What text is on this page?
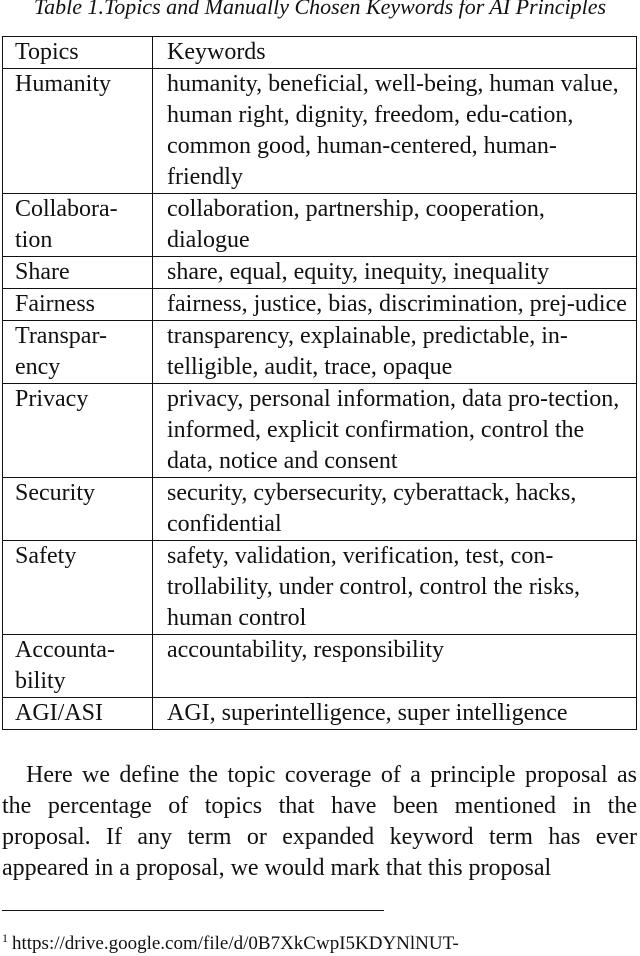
Table 1.Topics and Manually Chosen Keywords for AI Principles
Topics	Keywords
Humanity	humanity, beneficial, well-being, human value, human right, dignity, freedom, edu-cation, common good, human-centered, human-friendly
Collabora-tion	collaboration, partnership, cooperation, dialogue
Share	share, equal, equity, inequity, inequality
Fairness	fairness, justice, bias, discrimination, prej-udice
Transpar-ency	transparency, explainable, predictable, in-telligible, audit, trace, opaque
Privacy	privacy, personal information, data pro-tection, informed, explicit confirmation, control the data, notice and consent
Security	security, cybersecurity, cyberattack, hacks, confidential
Safety	safety, validation, verification, test, con-trollability, under control, control the risks, human control
Accounta-bility	accountability, responsibility
AGI/ASI	AGI, superintelligence, super intelligence

Here we define the topic coverage of a principle proposal as the percentage of topics that have been mentioned in the proposal. If any term or expanded keyword term has ever appeared in a proposal, we would mark that this proposal

$^1$ https://drive.google.com/file/d/0B7XkCwpI5KDYNlNUT-
